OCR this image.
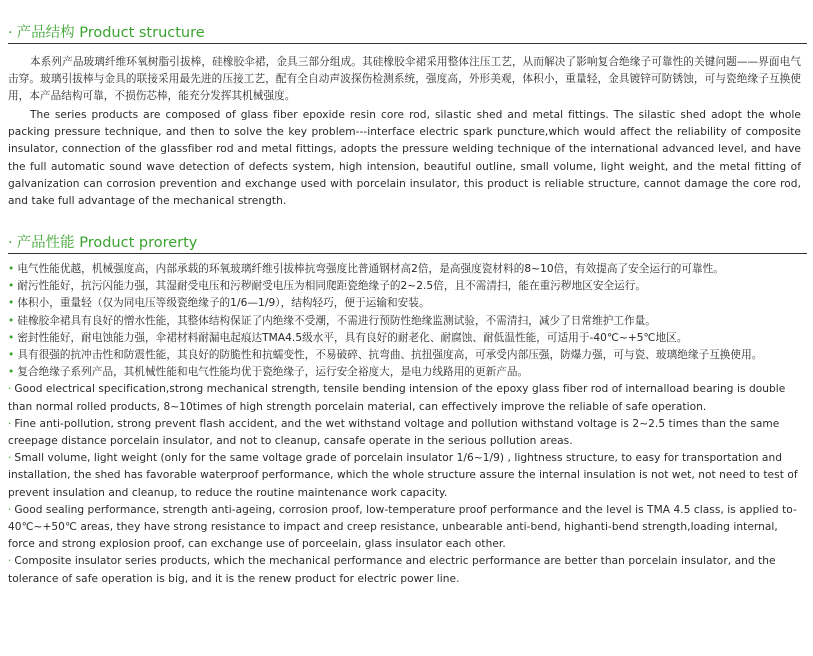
· 产品结构 Product structure
本系列产品玻璃纤维环氧树脂引拔棒，硅橡胶伞裙，金具三部分组成。其硅橡胶伞裙采用整体注压工艺，从而解决了影响复合绝缘子可靠性的关键问题——界面电气击穿。玻璃引拔棒与金具的联接采用最先进的压接工艺，配有全自动声波探伤检测系统，强度高，外形美观，体积小，重量轻，金具镀锌可防锈蚀，可与瓷绝缘子互换使用，本产品结构可靠，不损伤芯棒，能充分发挥其机械强度。
The series products are composed of glass fiber epoxide resin core rod, silastic shed and metal fittings. The silastic shed adopt the whole packing pressure technique, and then to solve the key problem---interface electric spark puncture,which would affect the reliability of composite insulator, connection of the glassfiber rod and metal fittings, adopts the pressure welding technique of the international advanced level, and have the full automatic sound wave detection of defects system, high intension, beautiful outline, small volume, light weight, and the metal fitting of galvanization can corrosion prevention and exchange used with porcelain insulator, this product is reliable structure, cannot damage the core rod, and take full advantage of the mechanical strength.
· 产品性能 Product prorerty

• 电气性能优越，机械强度高，内部承载的环氧玻璃纤维引拔棒抗弯强度比普通钢材高2倍，是高强度瓷材料的8~10倍，有效提高了安全运行的可靠性。

• 耐污性能好，抗污闪能力强，其湿耐受电压和污秽耐受电压为相同爬距瓷绝缘子的2~2.5倍，且不需清扫，能在重污秽地区安全运行。

• 体积小，重量轻（仅为同电压等级瓷绝缘子的1/6—1/9），结构轻巧，便于运输和安装。

• 硅橡胶伞裙具有良好的憎水性能，其整体结构保证了内绝缘不受潮，不需进行预防性绝缘监测试验，不需清扫，减少了日常维护工作量。

• 密封性能好，耐电蚀能力强，伞裙材料耐漏电起痕达TMA4.5级水平，具有良好的耐老化、耐腐蚀、耐低温性能，可适用于-40℃~+5℃地区。

• 具有很强的抗冲击性和防震性能，其良好的防脆性和抗蠕变性，不易破碎、抗弯曲、抗扭强度高，可承受内部压强，防爆力强，可与瓷、玻璃绝缘子互换使用。

• 复合绝缘子系列产品，其机械性能和电气性能均优于瓷绝缘子，运行安全裕度大，是电力线路用的更新产品。

· Good electrical specification,strong mechanical strength, tensile bending intension of the epoxy glass fiber rod of internalload bearing is double than normal rolled products, 8~10times of high strength porcelain material, can effectively improve the reliable of safe operation.

· Fine anti-pollution, strong prevent flash accident, and the wet withstand voltage and pollution withstand voltage is 2~2.5 times than the same creepage distance porcelain insulator, and not to cleanup, cansafe operate in the serious pollution areas.

· Small volume, light weight (only for the same voltage grade of porcelain insulator 1/6~1/9) , lightness structure, to easy for transportation and installation, the shed has favorable waterproof performance, which the whole structure assure the internal insulation is not wet, not need to test of prevent insulation and cleanup, to reduce the routine maintenance work capacity.

· Good sealing performance, strength anti-ageing, corrosion proof, low-temperature proof performance and the level is TMA 4.5 class, is applied to-40℃~+50℃ areas, they have strong resistance to impact and creep resistance, unbearable anti-bend, highanti-bend strength,loading internal, force and strong explosion proof, can exchange use of porceelain, glass insulator each other.

· Composite insulator series products, which the mechanical performance and electric performance are better than porcelain insulator, and the tolerance of safe operation is big, and it is the renew product for electric power line.
